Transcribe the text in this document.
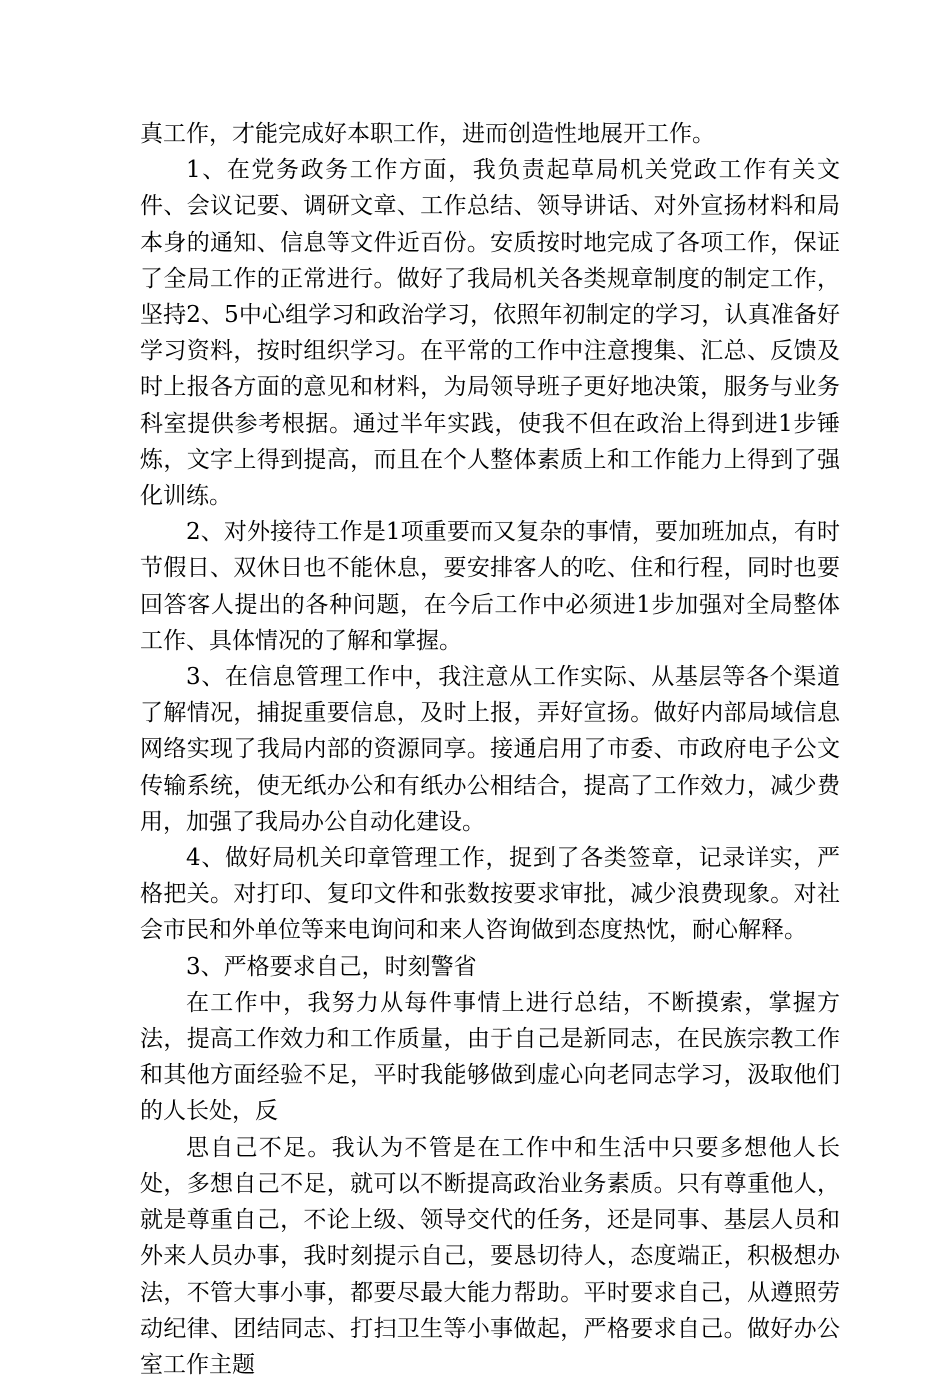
真工作，才能完成好本职工作，进而创造性地展开工作。

1、在党务政务工作方面，我负责起草局机关党政工作有关文件、会议记要、调研文章、工作总结、领导讲话、对外宣扬材料和局本身的通知、信息等文件近百份。安质按时地完成了各项工作，保证了全局工作的正常进行。做好了我局机关各类规章制度的制定工作，坚持2、5中心组学习和政治学习，依照年初制定的学习，认真准备好学习资料，按时组织学习。在平常的工作中注意搜集、汇总、反馈及时上报各方面的意见和材料，为局领导班子更好地决策，服务与业务科室提供参考根据。通过半年实践，使我不但在政治上得到进1步锤炼，文字上得到提高，而且在个人整体素质上和工作能力上得到了强化训练。

2、对外接待工作是1项重要而又复杂的事情，要加班加点，有时节假日、双休日也不能休息，要安排客人的吃、住和行程，同时也要回答客人提出的各种问题，在今后工作中必须进1步加强对全局整体工作、具体情况的了解和掌握。

3、在信息管理工作中，我注意从工作实际、从基层等各个渠道了解情况，捕捉重要信息，及时上报，弄好宣扬。做好内部局域信息网络实现了我局内部的资源同享。接通启用了市委、市政府电子公文传输系统，使无纸办公和有纸办公相结合，提高了工作效力，减少费用，加强了我局办公自动化建设。

4、做好局机关印章管理工作，捉到了各类签章，记录详实，严格把关。对打印、复印文件和张数按要求审批，减少浪费现象。对社会市民和外单位等来电询问和来人咨询做到态度热忱，耐心解释。

3、严格要求自己，时刻警省

在工作中，我努力从每件事情上进行总结，不断摸索，掌握方法，提高工作效力和工作质量，由于自己是新同志，在民族宗教工作和其他方面经验不足，平时我能够做到虚心向老同志学习，汲取他们的人长处，反

思自己不足。我认为不管是在工作中和生活中只要多想他人长处，多想自己不足，就可以不断提高政治业务素质。只有尊重他人，就是尊重自己，不论上级、领导交代的任务，还是同事、基层人员和外来人员办事，我时刻提示自己，要恳切待人，态度端正，积极想办法，不管大事小事，都要尽最大能力帮助。平时要求自己，从遵照劳动纪律、团结同志、打扫卫生等小事做起，严格要求自己。做好办公室工作主题
